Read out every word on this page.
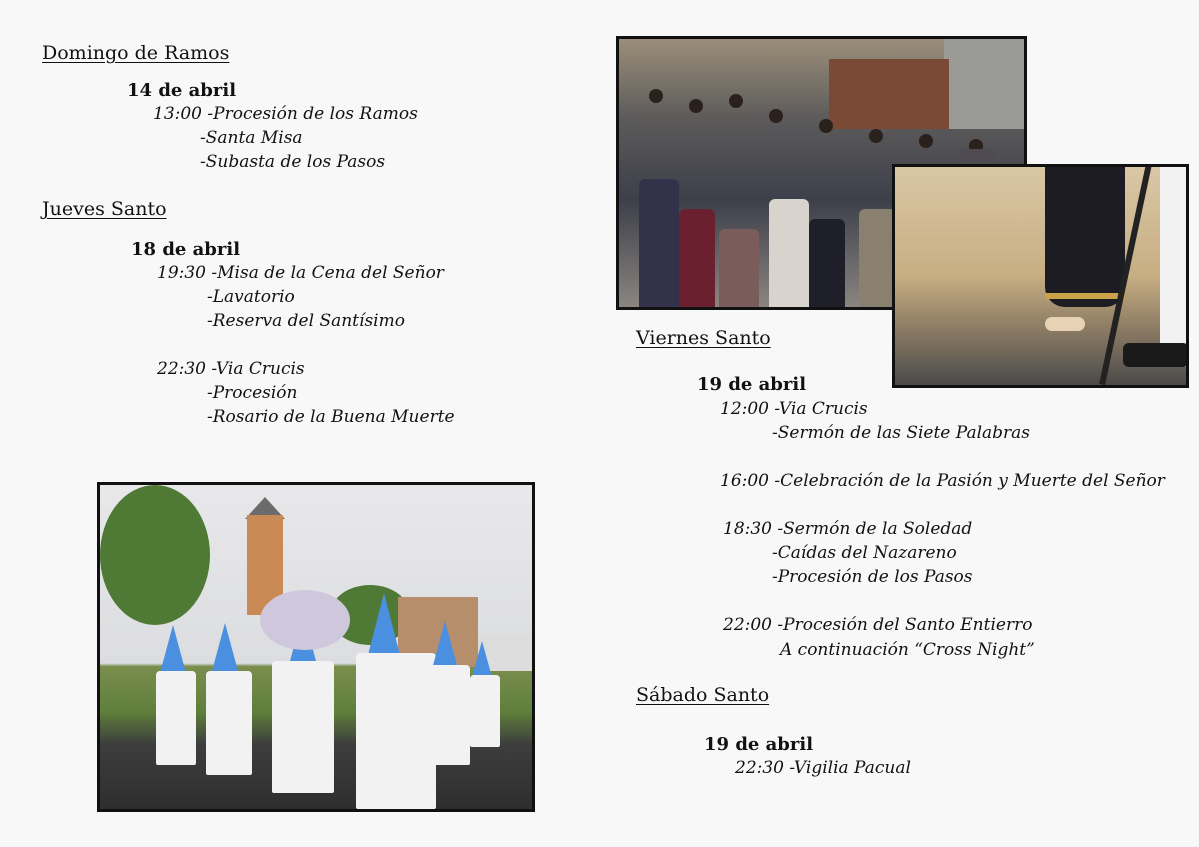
Domingo de Ramos
14 de abril
13:00 -Procesión de los Ramos
-Santa Misa
-Subasta de los Pasos
Jueves Santo
18 de abril
19:30 -Misa de la Cena del Señor
-Lavatorio
-Reserva del Santísimo
22:30 -Via Crucis
-Procesión
-Rosario de la Buena Muerte
Viernes Santo
19 de abril
12:00 -Via Crucis
-Sermón de las Siete Palabras
16:00 -Celebración de la Pasión y Muerte del Señor
18:30 -Sermón de la Soledad
-Caídas del Nazareno
-Procesión de los Pasos
22:00 -Procesión del Santo Entierro
A continuación “Cross Night”
Sábado Santo
19 de abril
22:30 -Vigilia Pacual
